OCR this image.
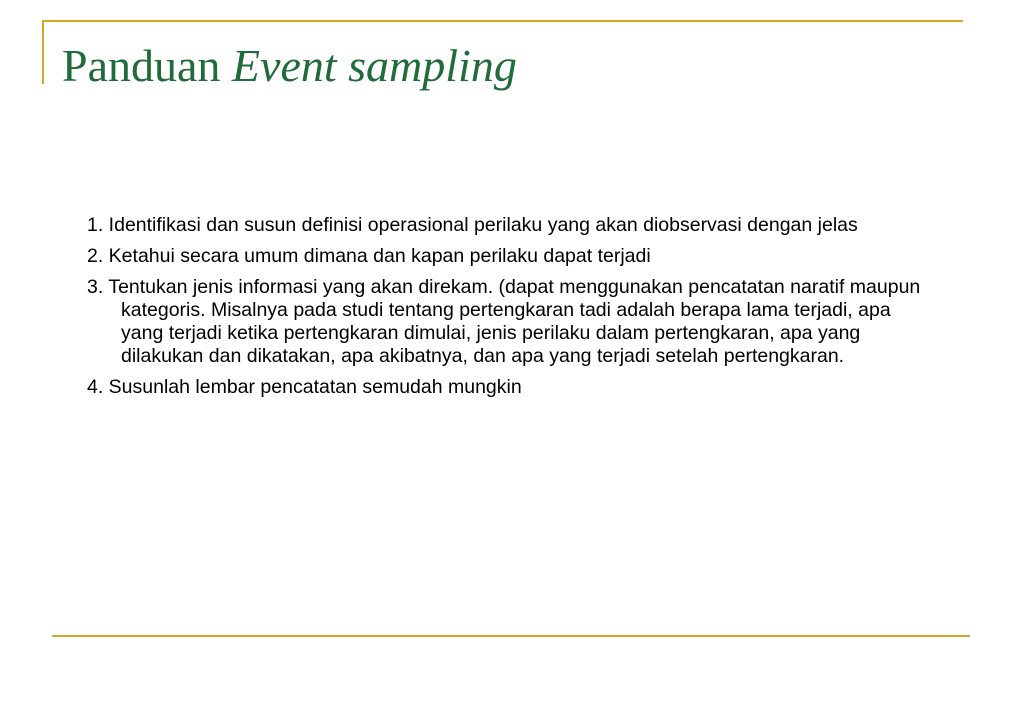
Panduan Event sampling
1. Identifikasi dan susun definisi operasional perilaku yang akan diobservasi dengan jelas
2. Ketahui secara umum dimana dan kapan perilaku dapat terjadi
3. Tentukan jenis informasi yang akan direkam. (dapat menggunakan pencatatan naratif maupun kategoris. Misalnya pada studi tentang pertengkaran tadi adalah berapa lama terjadi, apa yang terjadi ketika pertengkaran dimulai, jenis perilaku dalam pertengkaran, apa yang dilakukan dan dikatakan, apa akibatnya, dan apa yang terjadi setelah pertengkaran.
4. Susunlah lembar pencatatan semudah mungkin
